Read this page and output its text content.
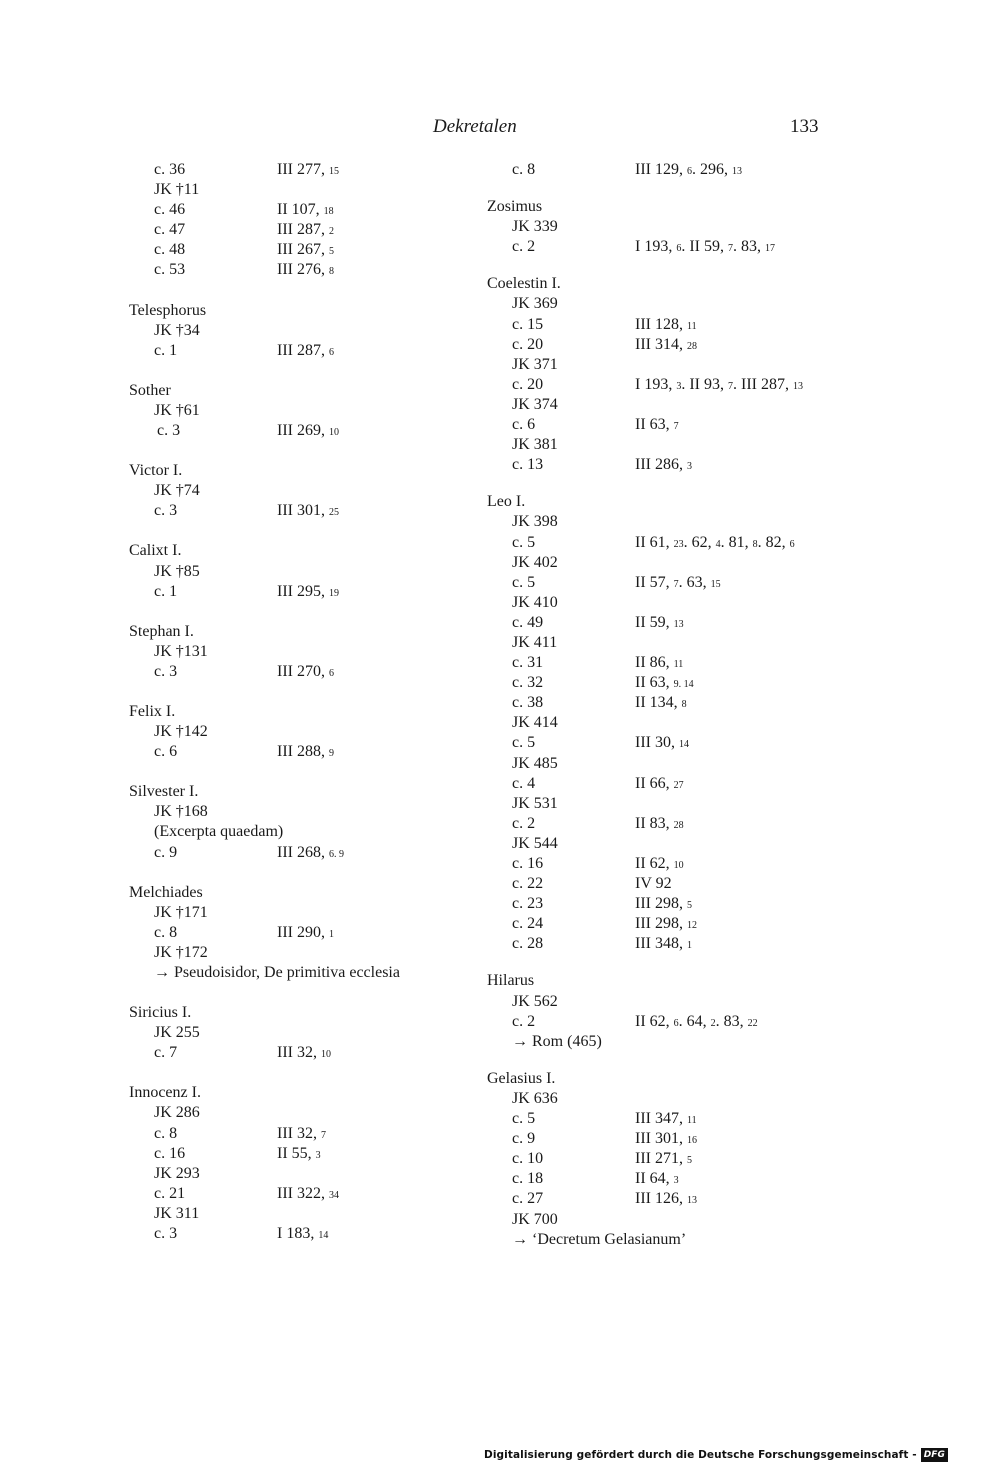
Dekretalen	133
c. 36	III 277, 15
JK †11
c. 46	II 107, 18
c. 47	III 287, 2
c. 48	III 267, 5
c. 53	III 276, 8
Telesphorus
JK †34
c. 1	III 287, 6
Sother
JK †61
c. 3	III 269, 10
Victor I.
JK †74
c. 3	III 301, 25
Calixt I.
JK †85
c. 1	III 295, 19
Stephan I.
JK †131
c. 3	III 270, 6
Felix I.
JK †142
c. 6	III 288, 9
Silvester I.
JK †168
(Excerpta quaedam)
c. 9	III 268, 6. 9
Melchiades
JK †171
c. 8	III 290, 1
JK †172
→ Pseudoisidor, De primitiva ecclesia
Siricius I.
JK 255
c. 7	III 32, 10
Innocenz I.
JK 286
c. 8	III 32, 7
c. 16	II 55, 3
JK 293
c. 21	III 322, 34
JK 311
c. 3	I 183, 14
c. 8	III 129, 6. 296, 13
Zosimus
JK 339
c. 2	I 193, 6. II 59, 7. 83, 17
Coelestin I.
JK 369
c. 15	III 128, 11
c. 20	III 314, 28
JK 371
c. 20	I 193, 3. II 93, 7. III 287, 13
JK 374
c. 6	II 63, 7
JK 381
c. 13	III 286, 3
Leo I.
JK 398
c. 5	II 61, 23. 62, 4. 81, 8. 82, 6
JK 402
c. 5	II 57, 7. 63, 15
JK 410
c. 49	II 59, 13
JK 411
c. 31	II 86, 11
c. 32	II 63, 9. 14
c. 38	II 134, 8
JK 414
c. 5	III 30, 14
JK 485
c. 4	II 66, 27
JK 531
c. 2	II 83, 28
JK 544
c. 16	II 62, 10
c. 22	IV 92
c. 23	III 298, 5
c. 24	III 298, 12
c. 28	III 348, 1
Hilarus
JK 562
c. 2	II 62, 6. 64, 2. 83, 22
→ Rom (465)
Gelasius I.
JK 636
c. 5	III 347, 11
c. 9	III 301, 16
c. 10	III 271, 5
c. 18	II 64, 3
c. 27	III 126, 13
JK 700
→ ‘Decretum Gelasianum’
Digitalisierung gefördert durch die Deutsche Forschungsgemeinschaft - DFG
